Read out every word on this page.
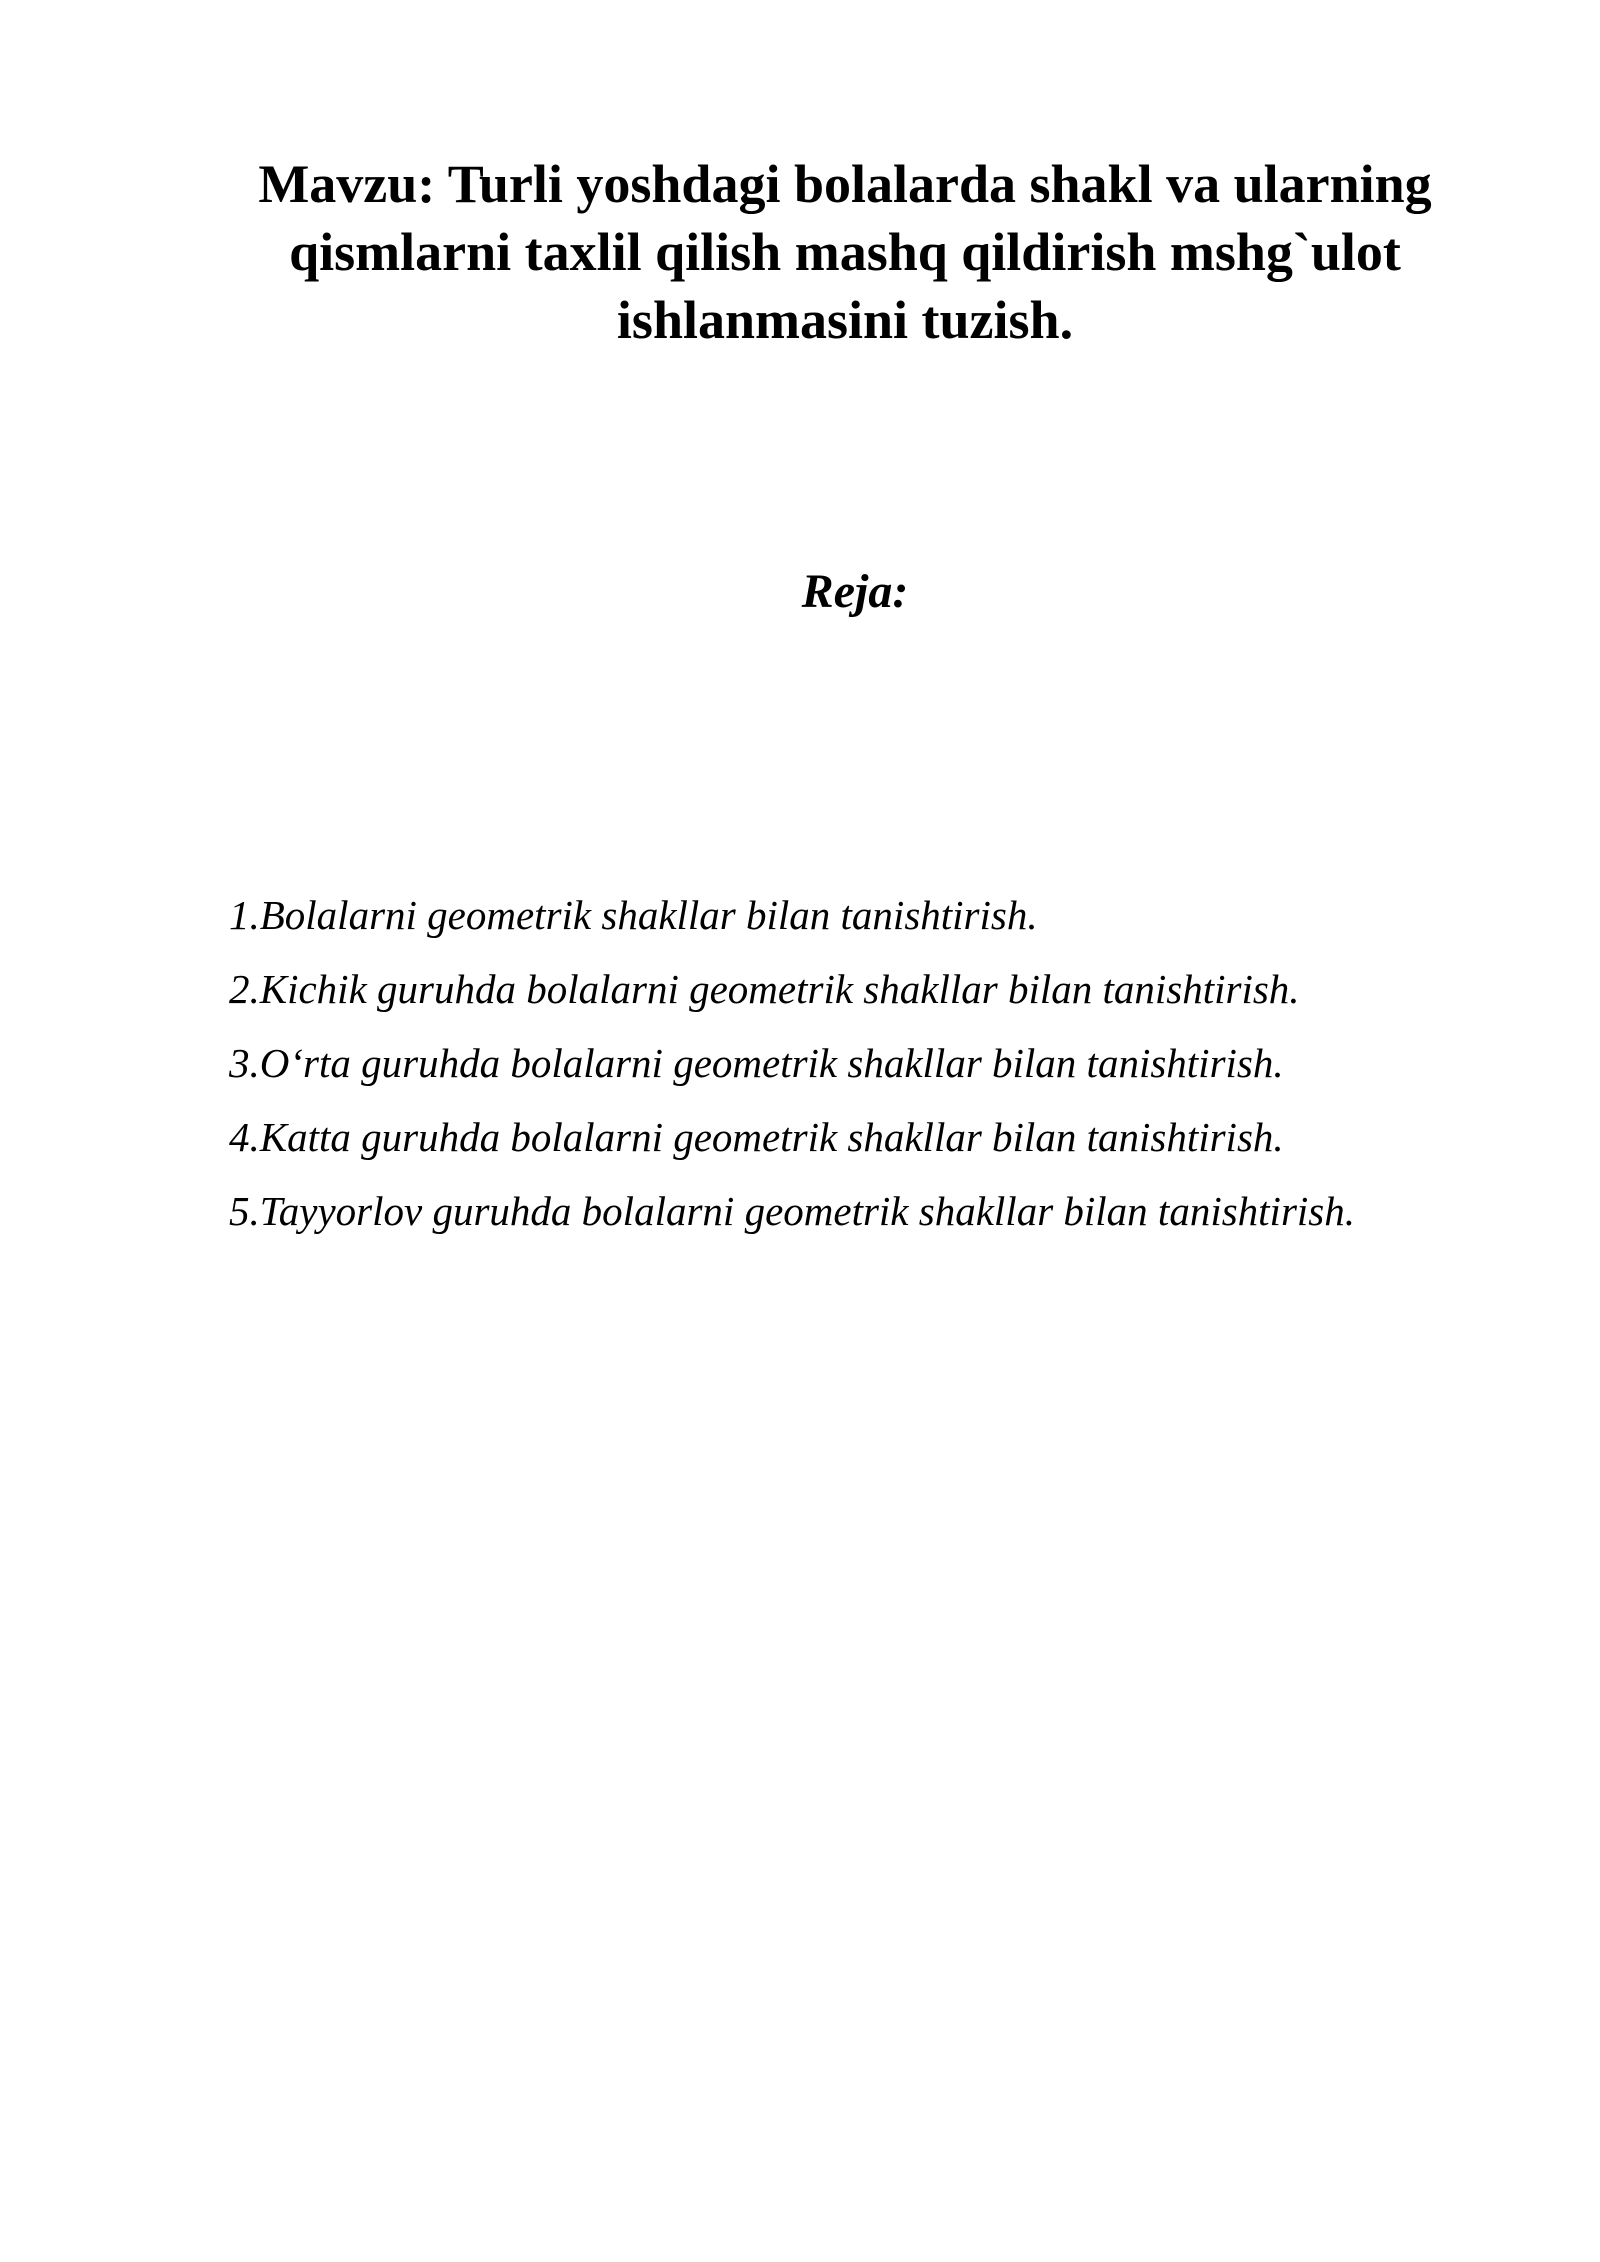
Mavzu: Turli yoshdagi bolalarda shakl va ularning qismlarni taxlil qilish mashq qildirish mshg`ulot ishlanmasini tuzish.
Reja:
1.Bolalarni geometrik shakllar bilan tanishtirish.
2.Kichik guruhda bolalarni geometrik shakllar bilan tanishtirish.
3.O‘rta guruhda bolalarni geometrik shakllar bilan tanishtirish.
4.Katta guruhda bolalarni geometrik shakllar bilan tanishtirish.
5.Tayyorlov guruhda bolalarni geometrik shakllar bilan tanishtirish.
